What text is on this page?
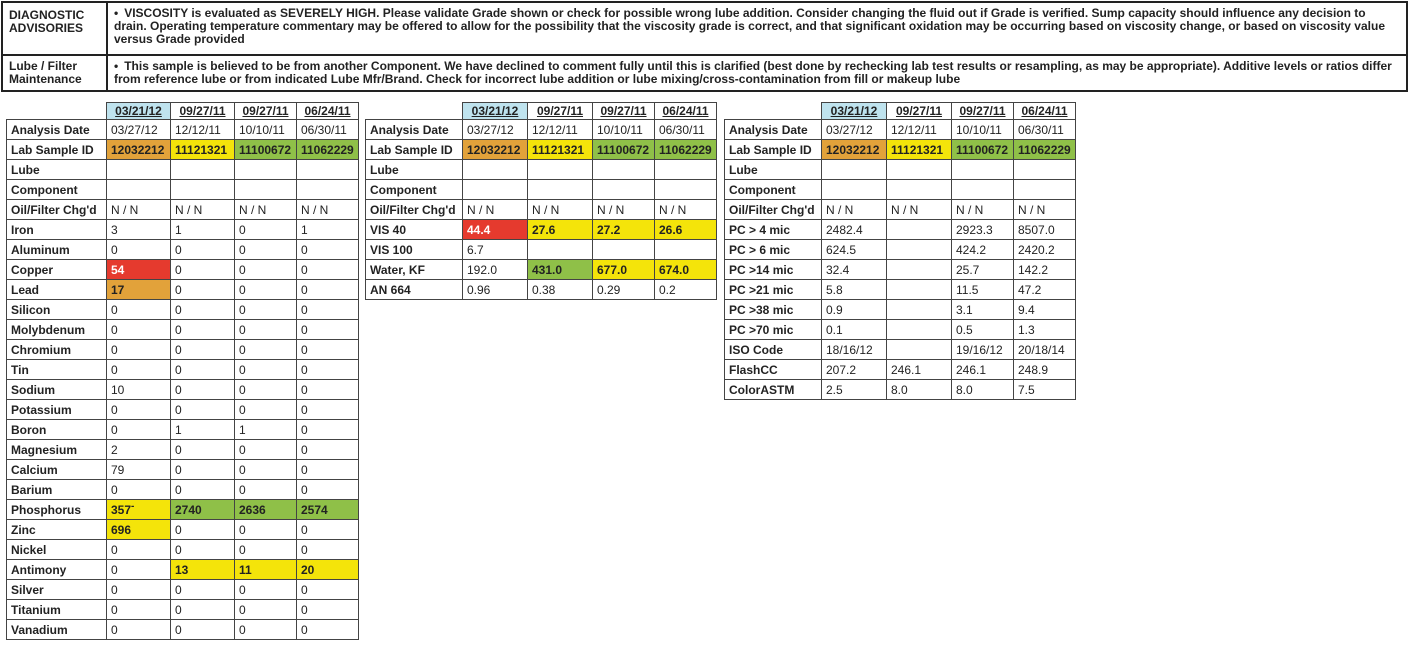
DIAGNOSTIC
ADVISORIES	• VISCOSITY is evaluated as SEVERELY HIGH. Please validate Grade shown or check for possible wrong lube addition. Consider changing the fluid out if Grade is verified. Sump capacity should influence any decision to drain. Operating temperature commentary may be offered to allow for the possibility that the viscosity grade is correct, and that significant oxidation may be occurring based on viscosity change, or based on viscosity value versus Grade provided

Lube / Filter
Maintenance	• This sample is believed to be from another Component. We have declined to comment fully until this is clarified (best done by rechecking lab test results or resampling, as may be appropriate). Additive levels or ratios differ from reference lube or from indicated Lube Mfr/Brand. Check for incorrect lube addition or lube mixing/cross-contamination from fill or makeup lube
	03/21/12	09/27/11	09/27/11	06/24/11
Analysis Date	03/27/12	12/12/11	10/10/11	06/30/11
Lab Sample ID	12032212	11121321	11100672	11062229
Lube				
Component				
Oil/Filter Chg'd	N / N	N / N	N / N	N / N
Iron	3	1	0	1
Aluminum	0	0	0	0
Copper	54	0	0	0
Lead	17	0	0	0
Silicon	0	0	0	0
Molybdenum	0	0	0	0
Chromium	0	0	0	0
Tin	0	0	0	0
Sodium	10	0	0	0
Potassium	0	0	0	0
Boron	0	1	1	0
Magnesium	2	0	0	0
Calcium	79	0	0	0
Barium	0	0	0	0
Phosphorus	357-	2740	2636	2574
Zinc	696	0	0	0
Nickel	0	0	0	0
Antimony	0	13	11	20
Silver	0	0	0	0
Titanium	0	0	0	0
Vanadium	0	0	0	0
	03/21/12	09/27/11	09/27/11	06/24/11
Analysis Date	03/27/12	12/12/11	10/10/11	06/30/11
Lab Sample ID	12032212	11121321	11100672	11062229
Lube				
Component				
Oil/Filter Chg'd	N / N	N / N	N / N	N / N
VIS 40	44.4	27.6	27.2	26.6
VIS 100	6.7			
Water, KF	192.0	431.0	677.0	674.0
AN 664	0.96	0.38	0.29	0.2
	03/21/12	09/27/11	09/27/11	06/24/11
Analysis Date	03/27/12	12/12/11	10/10/11	06/30/11
Lab Sample ID	12032212	11121321	11100672	11062229
Lube				
Component				
Oil/Filter Chg'd	N / N	N / N	N / N	N / N
PC > 4 mic	2482.4		2923.3	8507.0
PC > 6 mic	624.5		424.2	2420.2
PC >14 mic	32.4		25.7	142.2
PC >21 mic	5.8		11.5	47.2
PC >38 mic	0.9		3.1	9.4
PC >70 mic	0.1		0.5	1.3
ISO Code	18/16/12		19/16/12	20/18/14
FlashCC	207.2	246.1	246.1	248.9
ColorASTM	2.5	8.0	8.0	7.5
